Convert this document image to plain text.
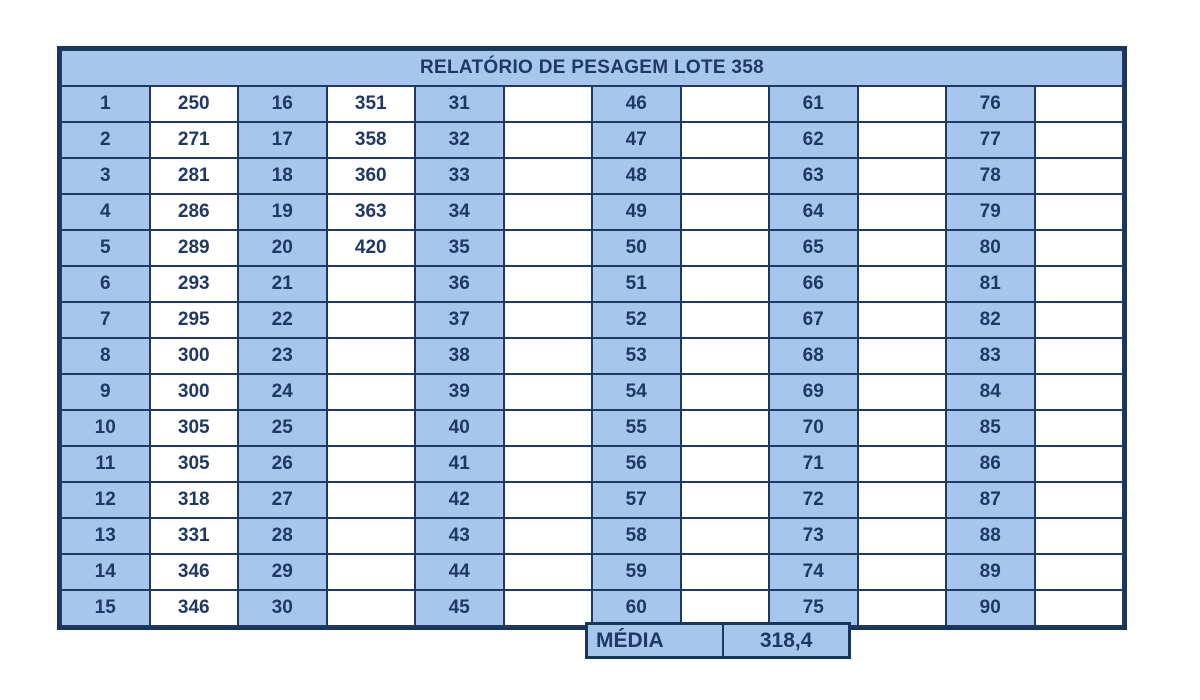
RELATÓRIO DE PESAGEM LOTE 358											
1	250	16	351	31		46		61		76	
2	271	17	358	32		47		62		77	
3	281	18	360	33		48		63		78	
4	286	19	363	34		49		64		79	
5	289	20	420	35		50		65		80	
6	293	21		36		51		66		81	
7	295	22		37		52		67		82	
8	300	23		38		53		68		83	
9	300	24		39		54		69		84	
10	305	25		40		55		70		85	
11	305	26		41		56		71		86	
12	318	27		42		57		72		87	
13	331	28		43		58		73		88	
14	346	29		44		59		74		89	
15	346	30		45		60		75		90	
MÉDIA	318,4
